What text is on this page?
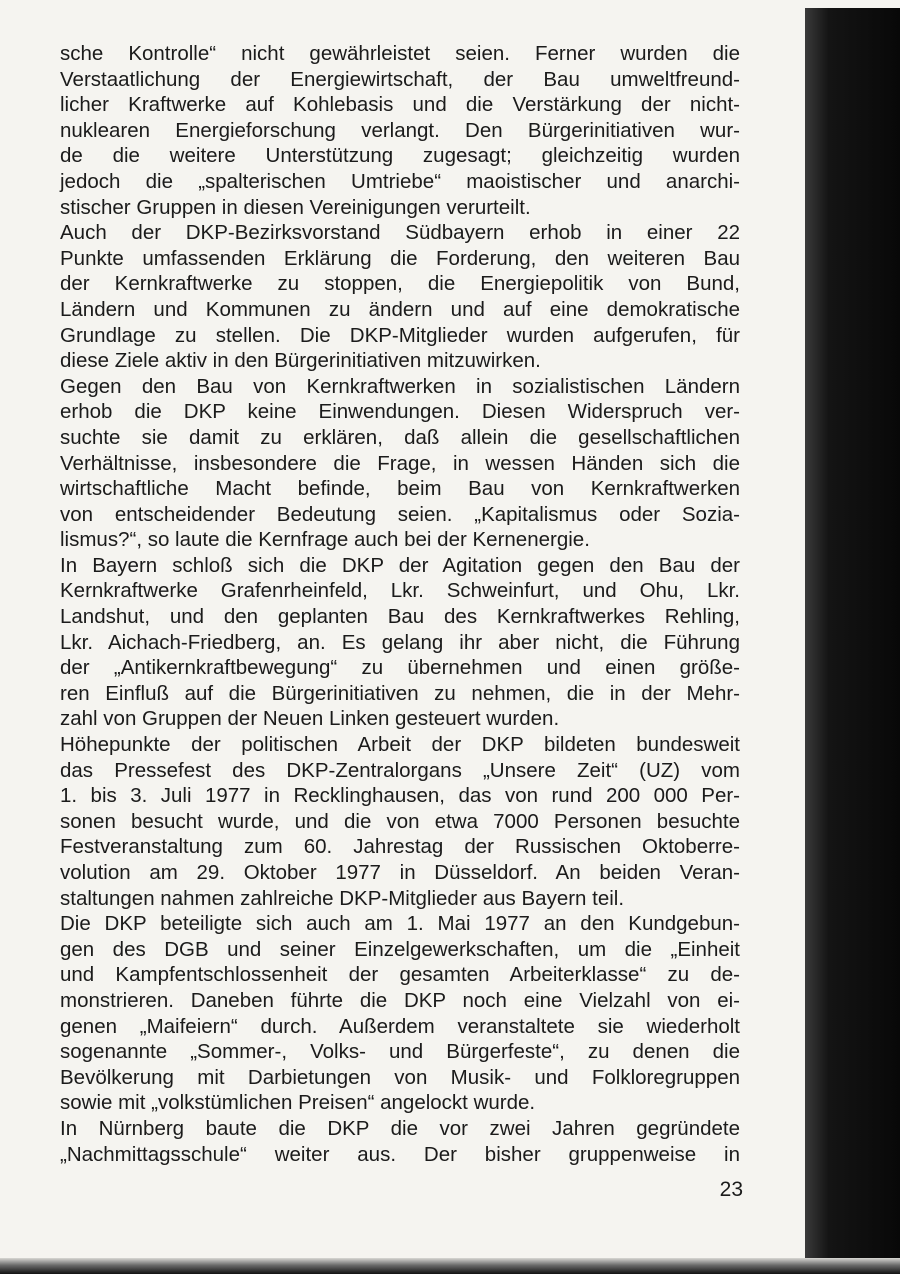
sche Kontrolle“ nicht gewährleistet seien. Ferner wurden die
Verstaatlichung der Energiewirtschaft, der Bau umweltfreund-
licher Kraftwerke auf Kohlebasis und die Verstärkung der nicht-
nuklearen Energieforschung verlangt. Den Bürgerinitiativen wur-
de die weitere Unterstützung zugesagt; gleichzeitig wurden
jedoch die „spalterischen Umtriebe“ maoistischer und anarchi-
stischer Gruppen in diesen Vereinigungen verurteilt.
Auch der DKP-Bezirksvorstand Südbayern erhob in einer 22
Punkte umfassenden Erklärung die Forderung, den weiteren Bau
der Kernkraftwerke zu stoppen, die Energiepolitik von Bund,
Ländern und Kommunen zu ändern und auf eine demokratische
Grundlage zu stellen. Die DKP-Mitglieder wurden aufgerufen, für
diese Ziele aktiv in den Bürgerinitiativen mitzuwirken.
Gegen den Bau von Kernkraftwerken in sozialistischen Ländern
erhob die DKP keine Einwendungen. Diesen Widerspruch ver-
suchte sie damit zu erklären, daß allein die gesellschaftlichen
Verhältnisse, insbesondere die Frage, in wessen Händen sich die
wirtschaftliche Macht befinde, beim Bau von Kernkraftwerken
von entscheidender Bedeutung seien. „Kapitalismus oder Sozia-
lismus?“, so laute die Kernfrage auch bei der Kernenergie.
In Bayern schloß sich die DKP der Agitation gegen den Bau der
Kernkraftwerke Grafenrheinfeld, Lkr. Schweinfurt, und Ohu, Lkr.
Landshut, und den geplanten Bau des Kernkraftwerkes Rehling,
Lkr. Aichach-Friedberg, an. Es gelang ihr aber nicht, die Führung
der „Antikernkraftbewegung“ zu übernehmen und einen größe-
ren Einfluß auf die Bürgerinitiativen zu nehmen, die in der Mehr-
zahl von Gruppen der Neuen Linken gesteuert wurden.
Höhepunkte der politischen Arbeit der DKP bildeten bundesweit
das Pressefest des DKP-Zentralorgans „Unsere Zeit“ (UZ) vom
1. bis 3. Juli 1977 in Recklinghausen, das von rund 200 000 Per-
sonen besucht wurde, und die von etwa 7000 Personen besuchte
Festveranstaltung zum 60. Jahrestag der Russischen Oktoberre-
volution am 29. Oktober 1977 in Düsseldorf. An beiden Veran-
staltungen nahmen zahlreiche DKP-Mitglieder aus Bayern teil.
Die DKP beteiligte sich auch am 1. Mai 1977 an den Kundgebun-
gen des DGB und seiner Einzelgewerkschaften, um die „Einheit
und Kampfentschlossenheit der gesamten Arbeiterklasse“ zu de-
monstrieren. Daneben führte die DKP noch eine Vielzahl von ei-
genen „Maifeiern“ durch. Außerdem veranstaltete sie wiederholt
sogenannte „Sommer-, Volks- und Bürgerfeste“, zu denen die
Bevölkerung mit Darbietungen von Musik- und Folkloregruppen
sowie mit „volkstümlichen Preisen“ angelockt wurde.
In Nürnberg baute die DKP die vor zwei Jahren gegründete
„Nachmittagsschule“ weiter aus. Der bisher gruppenweise in
23
